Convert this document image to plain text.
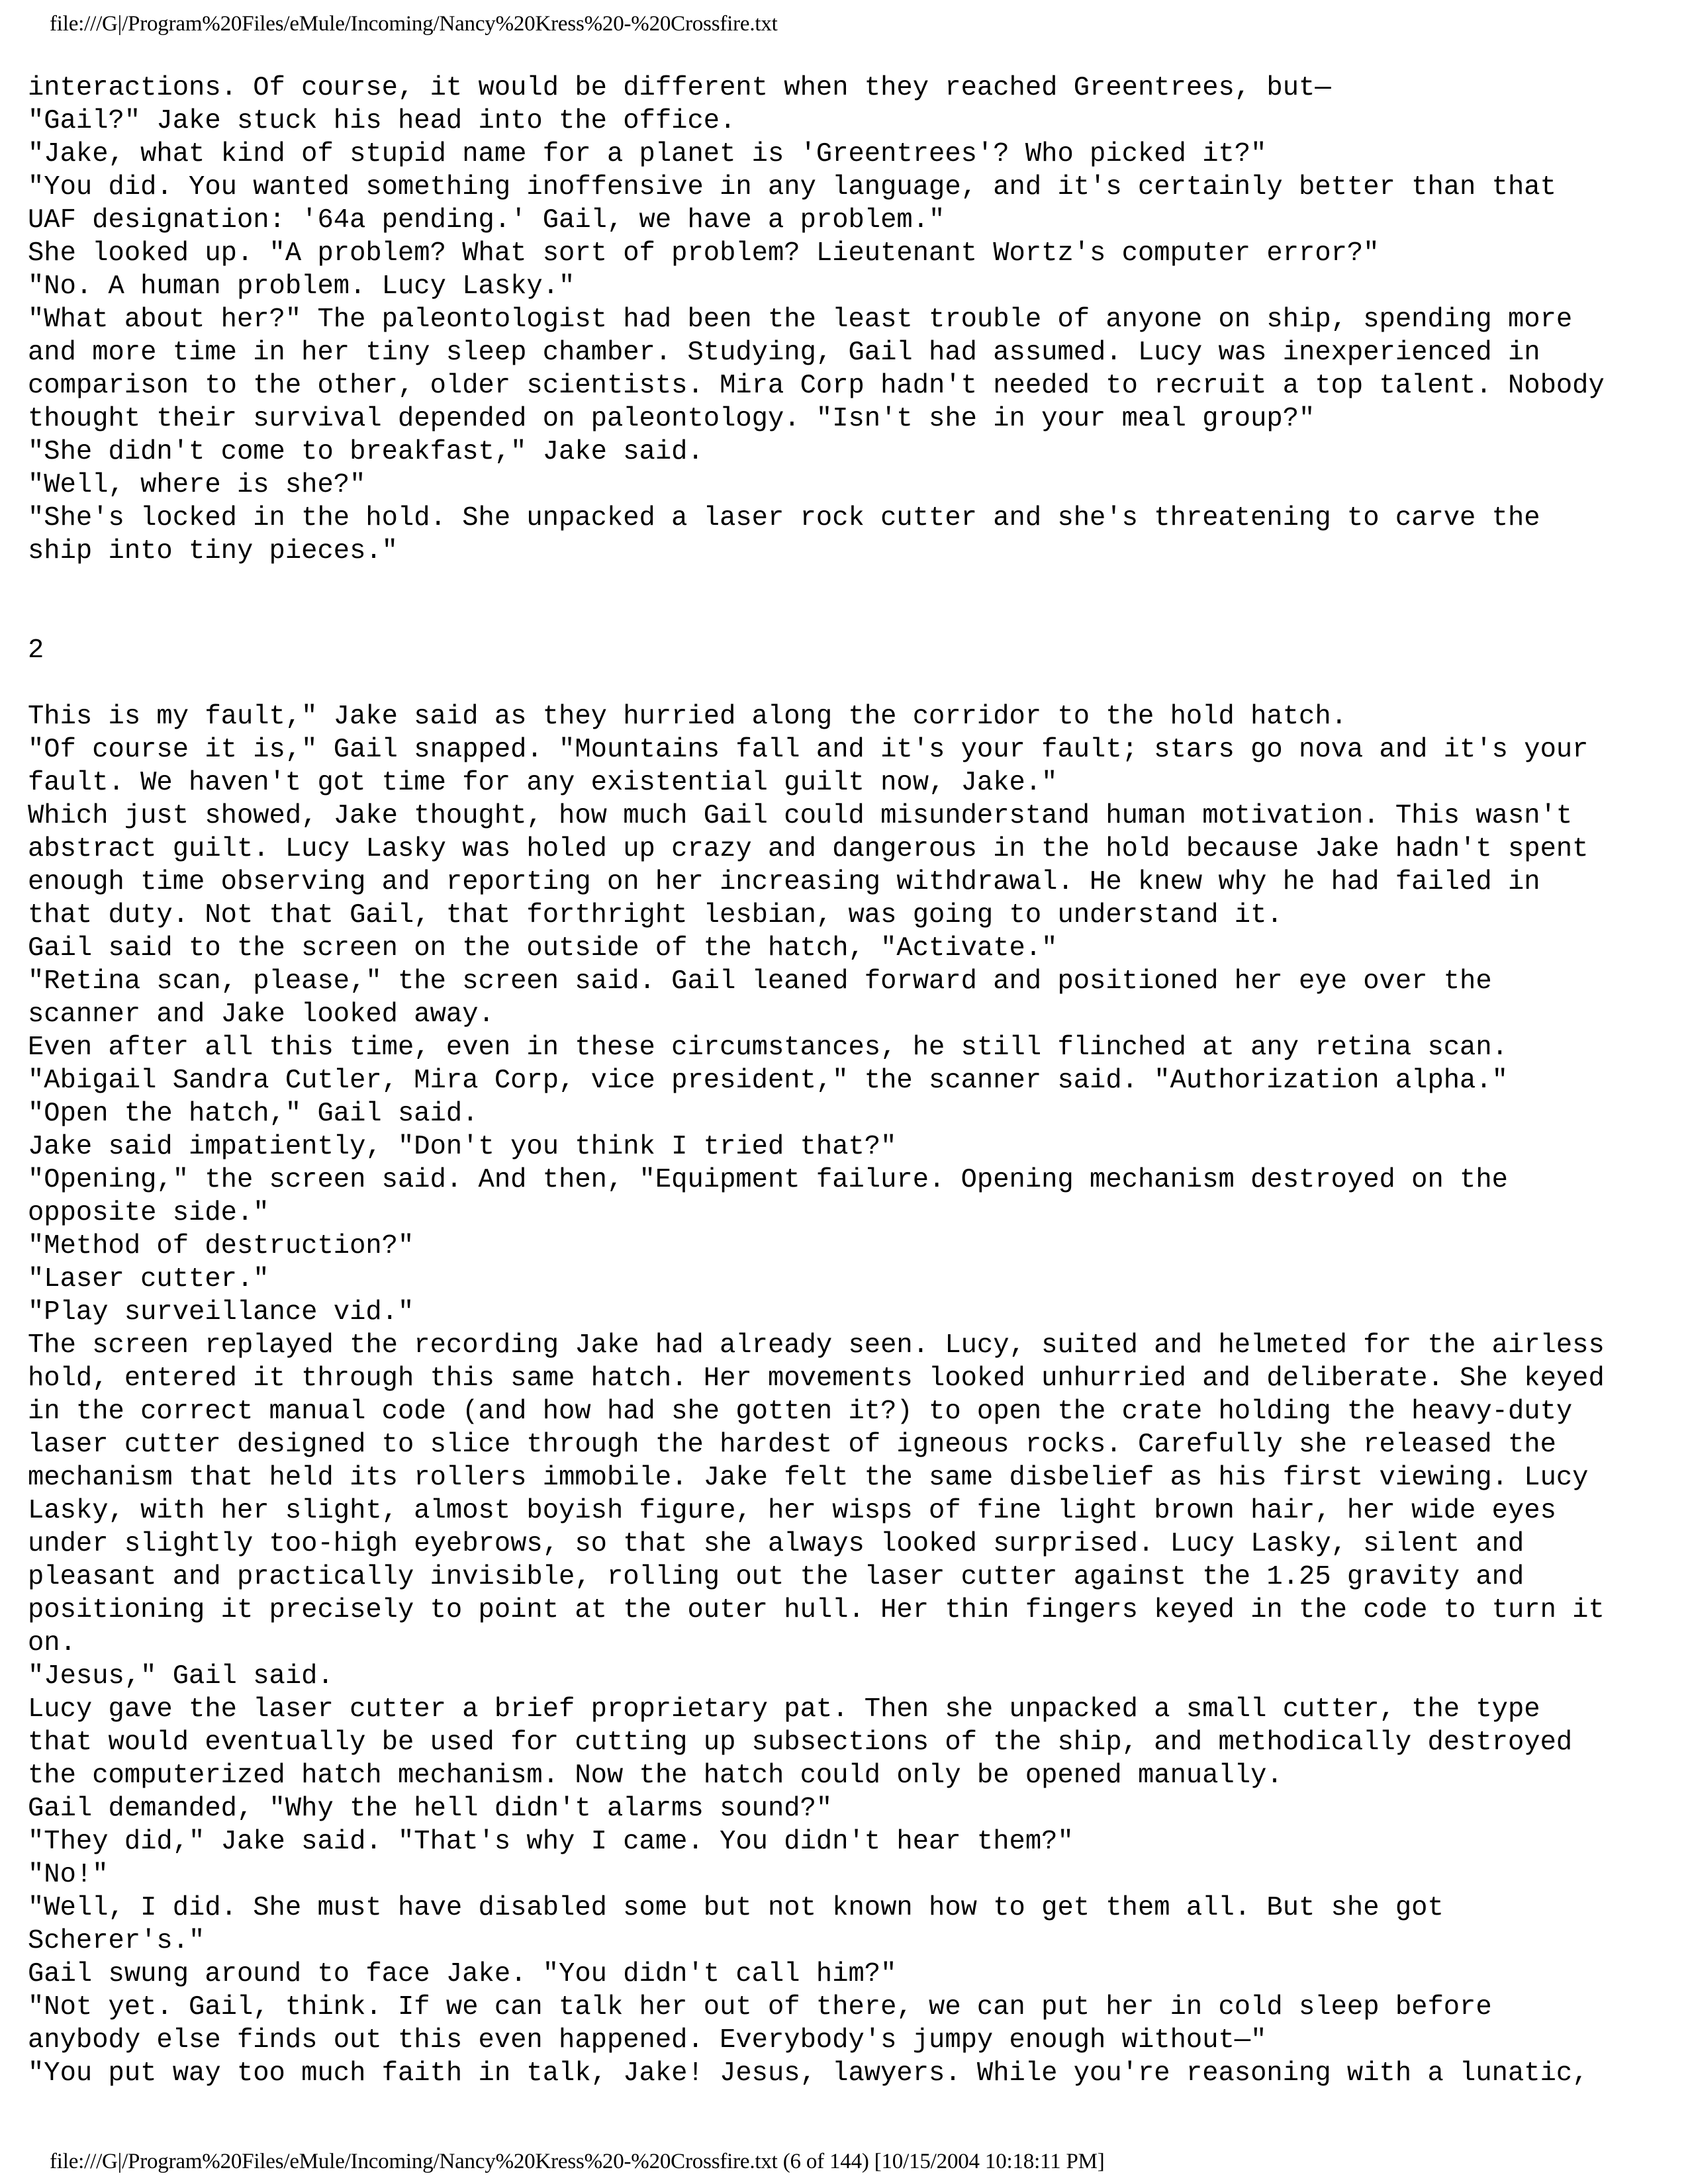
file:///G|/Program%20Files/eMule/Incoming/Nancy%20Kress%20-%20Crossfire.txt
interactions. Of course, it would be different when they reached Greentrees, but—
"Gail?" Jake stuck his head into the office.
"Jake, what kind of stupid name for a planet is 'Greentrees'? Who picked it?"
"You did. You wanted something inoffensive in any language, and it's certainly better than that
UAF designation: '64a pending.' Gail, we have a problem."
She looked up. "A problem? What sort of problem? Lieutenant Wortz's computer error?"
"No. A human problem. Lucy Lasky."
"What about her?" The paleontologist had been the least trouble of anyone on ship, spending more
and more time in her tiny sleep chamber. Studying, Gail had assumed. Lucy was inexperienced in
comparison to the other, older scientists. Mira Corp hadn't needed to recruit a top talent. Nobody
thought their survival depended on paleontology. "Isn't she in your meal group?"
"She didn't come to breakfast," Jake said.
"Well, where is she?"
"She's locked in the hold. She unpacked a laser rock cutter and she's threatening to carve the
ship into tiny pieces."
2
This is my fault," Jake said as they hurried along the corridor to the hold hatch.
"Of course it is," Gail snapped. "Mountains fall and it's your fault; stars go nova and it's your
fault. We haven't got time for any existential guilt now, Jake."
Which just showed, Jake thought, how much Gail could misunderstand human motivation. This wasn't
abstract guilt. Lucy Lasky was holed up crazy and dangerous in the hold because Jake hadn't spent
enough time observing and reporting on her increasing withdrawal. He knew why he had failed in
that duty. Not that Gail, that forthright lesbian, was going to understand it.
Gail said to the screen on the outside of the hatch, "Activate."
"Retina scan, please," the screen said. Gail leaned forward and positioned her eye over the
scanner and Jake looked away.
Even after all this time, even in these circumstances, he still flinched at any retina scan.
"Abigail Sandra Cutler, Mira Corp, vice president," the scanner said. "Authorization alpha."
"Open the hatch," Gail said.
Jake said impatiently, "Don't you think I tried that?"
"Opening," the screen said. And then, "Equipment failure. Opening mechanism destroyed on the
opposite side."
"Method of destruction?"
"Laser cutter."
"Play surveillance vid."
The screen replayed the recording Jake had already seen. Lucy, suited and helmeted for the airless
hold, entered it through this same hatch. Her movements looked unhurried and deliberate. She keyed
in the correct manual code (and how had she gotten it?) to open the crate holding the heavy-duty
laser cutter designed to slice through the hardest of igneous rocks. Carefully she released the
mechanism that held its rollers immobile. Jake felt the same disbelief as his first viewing. Lucy
Lasky, with her slight, almost boyish figure, her wisps of fine light brown hair, her wide eyes
under slightly too-high eyebrows, so that she always looked surprised. Lucy Lasky, silent and
pleasant and practically invisible, rolling out the laser cutter against the 1.25 gravity and
positioning it precisely to point at the outer hull. Her thin fingers keyed in the code to turn it
on.
"Jesus," Gail said.
Lucy gave the laser cutter a brief proprietary pat. Then she unpacked a small cutter, the type
that would eventually be used for cutting up subsections of the ship, and methodically destroyed
the computerized hatch mechanism. Now the hatch could only be opened manually.
Gail demanded, "Why the hell didn't alarms sound?"
"They did," Jake said. "That's why I came. You didn't hear them?"
"No!"
"Well, I did. She must have disabled some but not known how to get them all. But she got
Scherer's."
Gail swung around to face Jake. "You didn't call him?"
"Not yet. Gail, think. If we can talk her out of there, we can put her in cold sleep before
anybody else finds out this even happened. Everybody's jumpy enough without—"
"You put way too much faith in talk, Jake! Jesus, lawyers. While you're reasoning with a lunatic,
file:///G|/Program%20Files/eMule/Incoming/Nancy%20Kress%20-%20Crossfire.txt (6 of 144) [10/15/2004 10:18:11 PM]
